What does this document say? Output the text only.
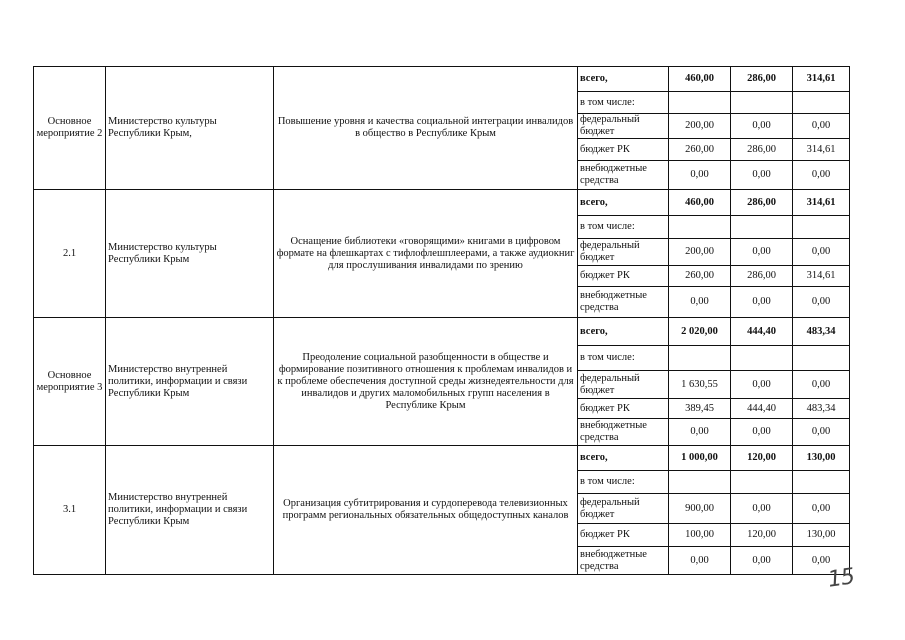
Основное мероприятие 2	Министерство культуры Республики Крым,	Повышение уровня и качества социальной интеграции инвалидов в общество в Республике Крым	всего,	460,00	286,00	314,61
			в том числе:			
			федеральный бюджет	200,00	0,00	0,00
			бюджет РК	260,00	286,00	314,61
			внебюджетные средства	0,00	0,00	0,00
2.1	Министерство культуры Республики Крым	Оснащение библиотеки «говорящими» книгами в цифровом формате на флешкартах с тифлофлешплеерами, а также аудиокниг для прослушивания инвалидами по зрению	всего,	460,00	286,00	314,61
			в том числе:			
			федеральный бюджет	200,00	0,00	0,00
			бюджет РК	260,00	286,00	314,61
			внебюджетные средства	0,00	0,00	0,00
Основное мероприятие 3	Министерство внутренней политики, информации и связи Республики Крым	Преодоление социальной разобщенности в обществе и формирование позитивного отношения к проблемам инвалидов и к проблеме обеспечения доступной среды жизнедеятельности для инвалидов и других маломобильных групп населения в Республике Крым	всего,	2 020,00	444,40	483,34
			в том числе:			
			федеральный бюджет	1 630,55	0,00	0,00
			бюджет РК	389,45	444,40	483,34
			внебюджетные средства	0,00	0,00	0,00
3.1	Министерство внутренней политики, информации и связи Республики Крым	Организация субтитрирования и сурдоперевода телевизионных программ региональных обязательных общедоступных каналов	всего,	1 000,00	120,00	130,00
			в том числе:			
			федеральный бюджет	900,00	0,00	0,00
			бюджет РК	100,00	120,00	130,00
			внебюджетные средства	0,00	0,00	0,00
15
